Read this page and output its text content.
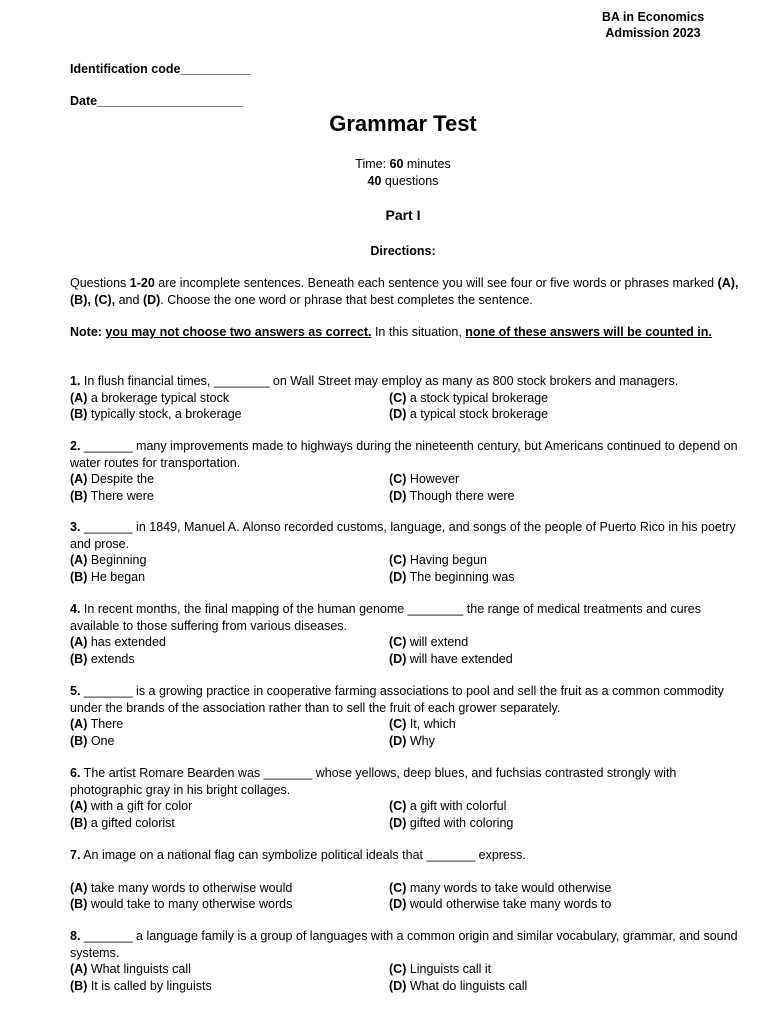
BA in Economics
Admission 2023
Identification code__________
Date_____________________
Grammar Test
Time: 60 minutes
40 questions
Part I
Directions:
Questions 1-20 are incomplete sentences. Beneath each sentence you will see four or five words or phrases marked (A), (B), (C), and (D). Choose the one word or phrase that best completes the sentence.
Note: you may not choose two answers as correct. In this situation, none of these answers will be counted in.
1. In flush financial times, ________ on Wall Street may employ as many as 800 stock brokers and managers.
(A) a brokerage typical stock
(B) typically stock, a brokerage
(C) a stock typical brokerage
(D) a typical stock brokerage
2. _______ many improvements made to highways during the nineteenth century, but Americans continued to depend on water routes for transportation.
(A) Despite the
(B) There were
(C) However
(D) Though there were
3. _______ in 1849, Manuel A. Alonso recorded customs, language, and songs of the people of Puerto Rico in his poetry and prose.
(A) Beginning
(B) He began
(C) Having begun
(D) The beginning was
4. In recent months, the final mapping of the human genome ________ the range of medical treatments and cures available to those suffering from various diseases.
(A) has extended
(B) extends
(C) will extend
(D) will have extended
5. _______ is a growing practice in cooperative farming associations to pool and sell the fruit as a common commodity under the brands of the association rather than to sell the fruit of each grower separately.
(A) There
(B) One
(C) It, which
(D) Why
6. The artist Romare Bearden was _______ whose yellows, deep blues, and fuchsias contrasted strongly with photographic gray in his bright collages.
(A) with a gift for color
(B) a gifted colorist
(C) a gift with colorful
(D) gifted with coloring
7. An image on a national flag can symbolize political ideals that _______ express.
(A) take many words to otherwise would
(B) would take to many otherwise words
(C) many words to take would otherwise
(D) would otherwise take many words to
8. _______ a language family is a group of languages with a common origin and similar vocabulary, grammar, and sound systems.
(A) What linguists call
(B) It is called by linguists
(C) Linguists call it
(D) What do linguists call
